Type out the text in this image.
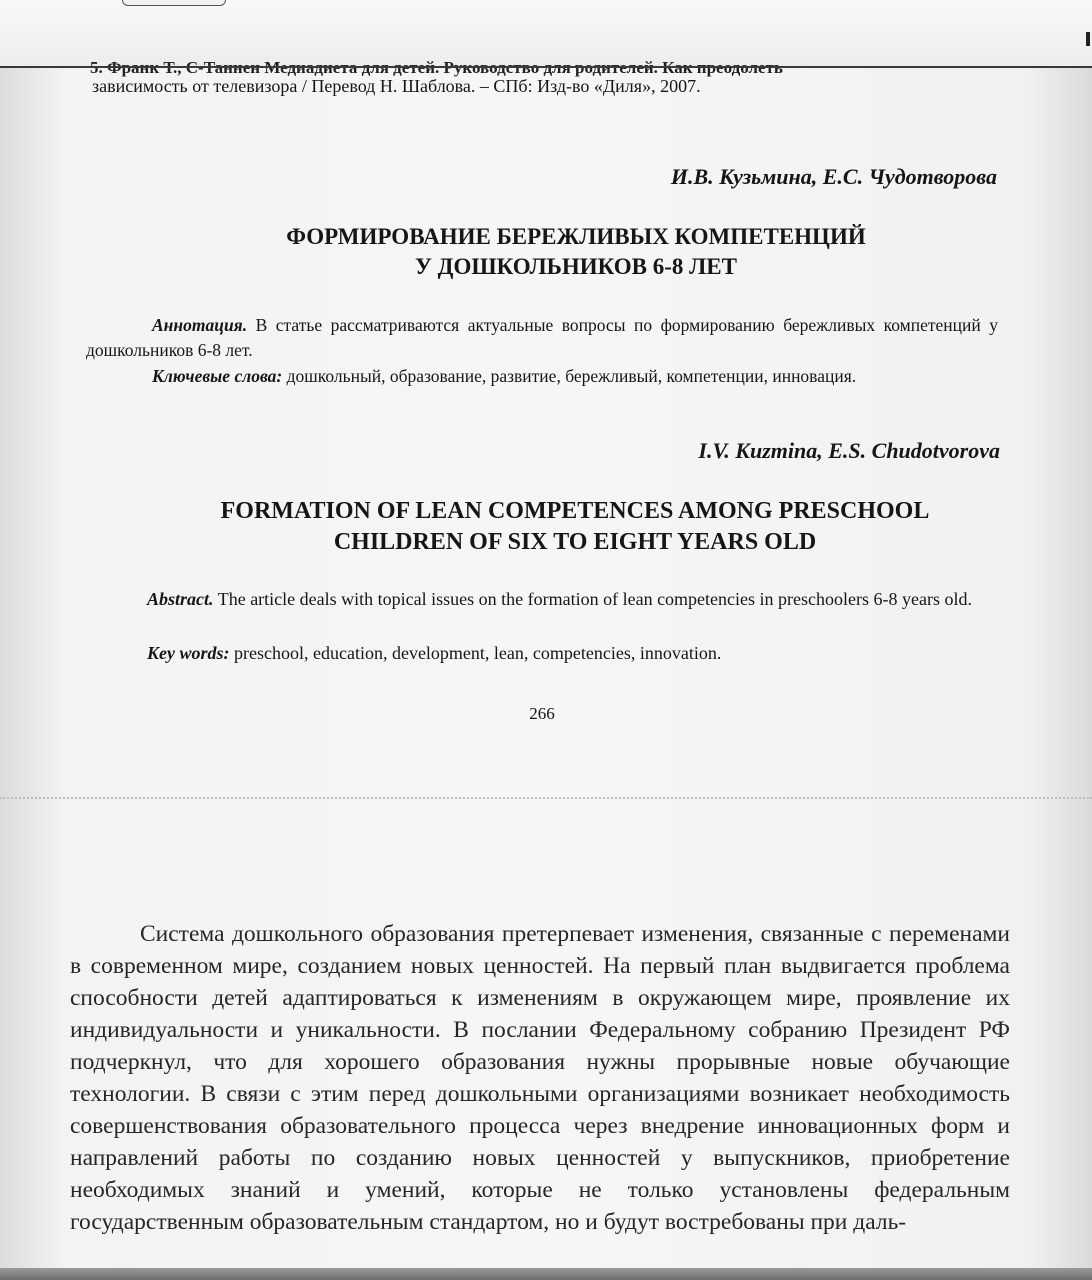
зависимость от телевизора / Перевод Н. Шаблова. – СПб: Изд-во «Диля», 2007.
И.В. Кузьмина, Е.С. Чудотворова
ФОРМИРОВАНИЕ БЕРЕЖЛИВЫХ КОМПЕТЕНЦИЙ
У ДОШКОЛЬНИКОВ 6-8 ЛЕТ
Аннотация. В статье рассматриваются актуальные вопросы по формированию бережливых компетенций у дошкольников 6-8 лет.
Ключевые слова: дошкольный, образование, развитие, бережливый, компетенции, инновация.
I.V. Kuzmina, E.S. Chudotvorova
FORMATION OF LEAN COMPETENCES AMONG PRESCHOOL
CHILDREN OF SIX TO EIGHT YEARS OLD
Abstract. The article deals with topical issues on the formation of lean competencies in preschoolers 6-8 years old.
Key words: preschool, education, development, lean, competencies, innovation.
266
Система дошкольного образования претерпевает изменения, связанные с переменами в современном мире, созданием новых ценностей. На первый план выдвигается проблема способности детей адаптироваться к изменениям в окружающем мире, проявление их индивидуальности и уникальности. В послании Федеральному собранию Президент РФ подчеркнул, что для хорошего образования нужны прорывные новые обучающие технологии. В связи с этим перед дошкольными организациями возникает необходимость совершенствования образовательного процесса через внедрение инновационных форм и направлений работы по созданию новых ценностей у выпускников, приобретение необходимых знаний и умений, которые не только установлены федеральным государственным образовательным стандартом, но и будут востребованы при даль-
